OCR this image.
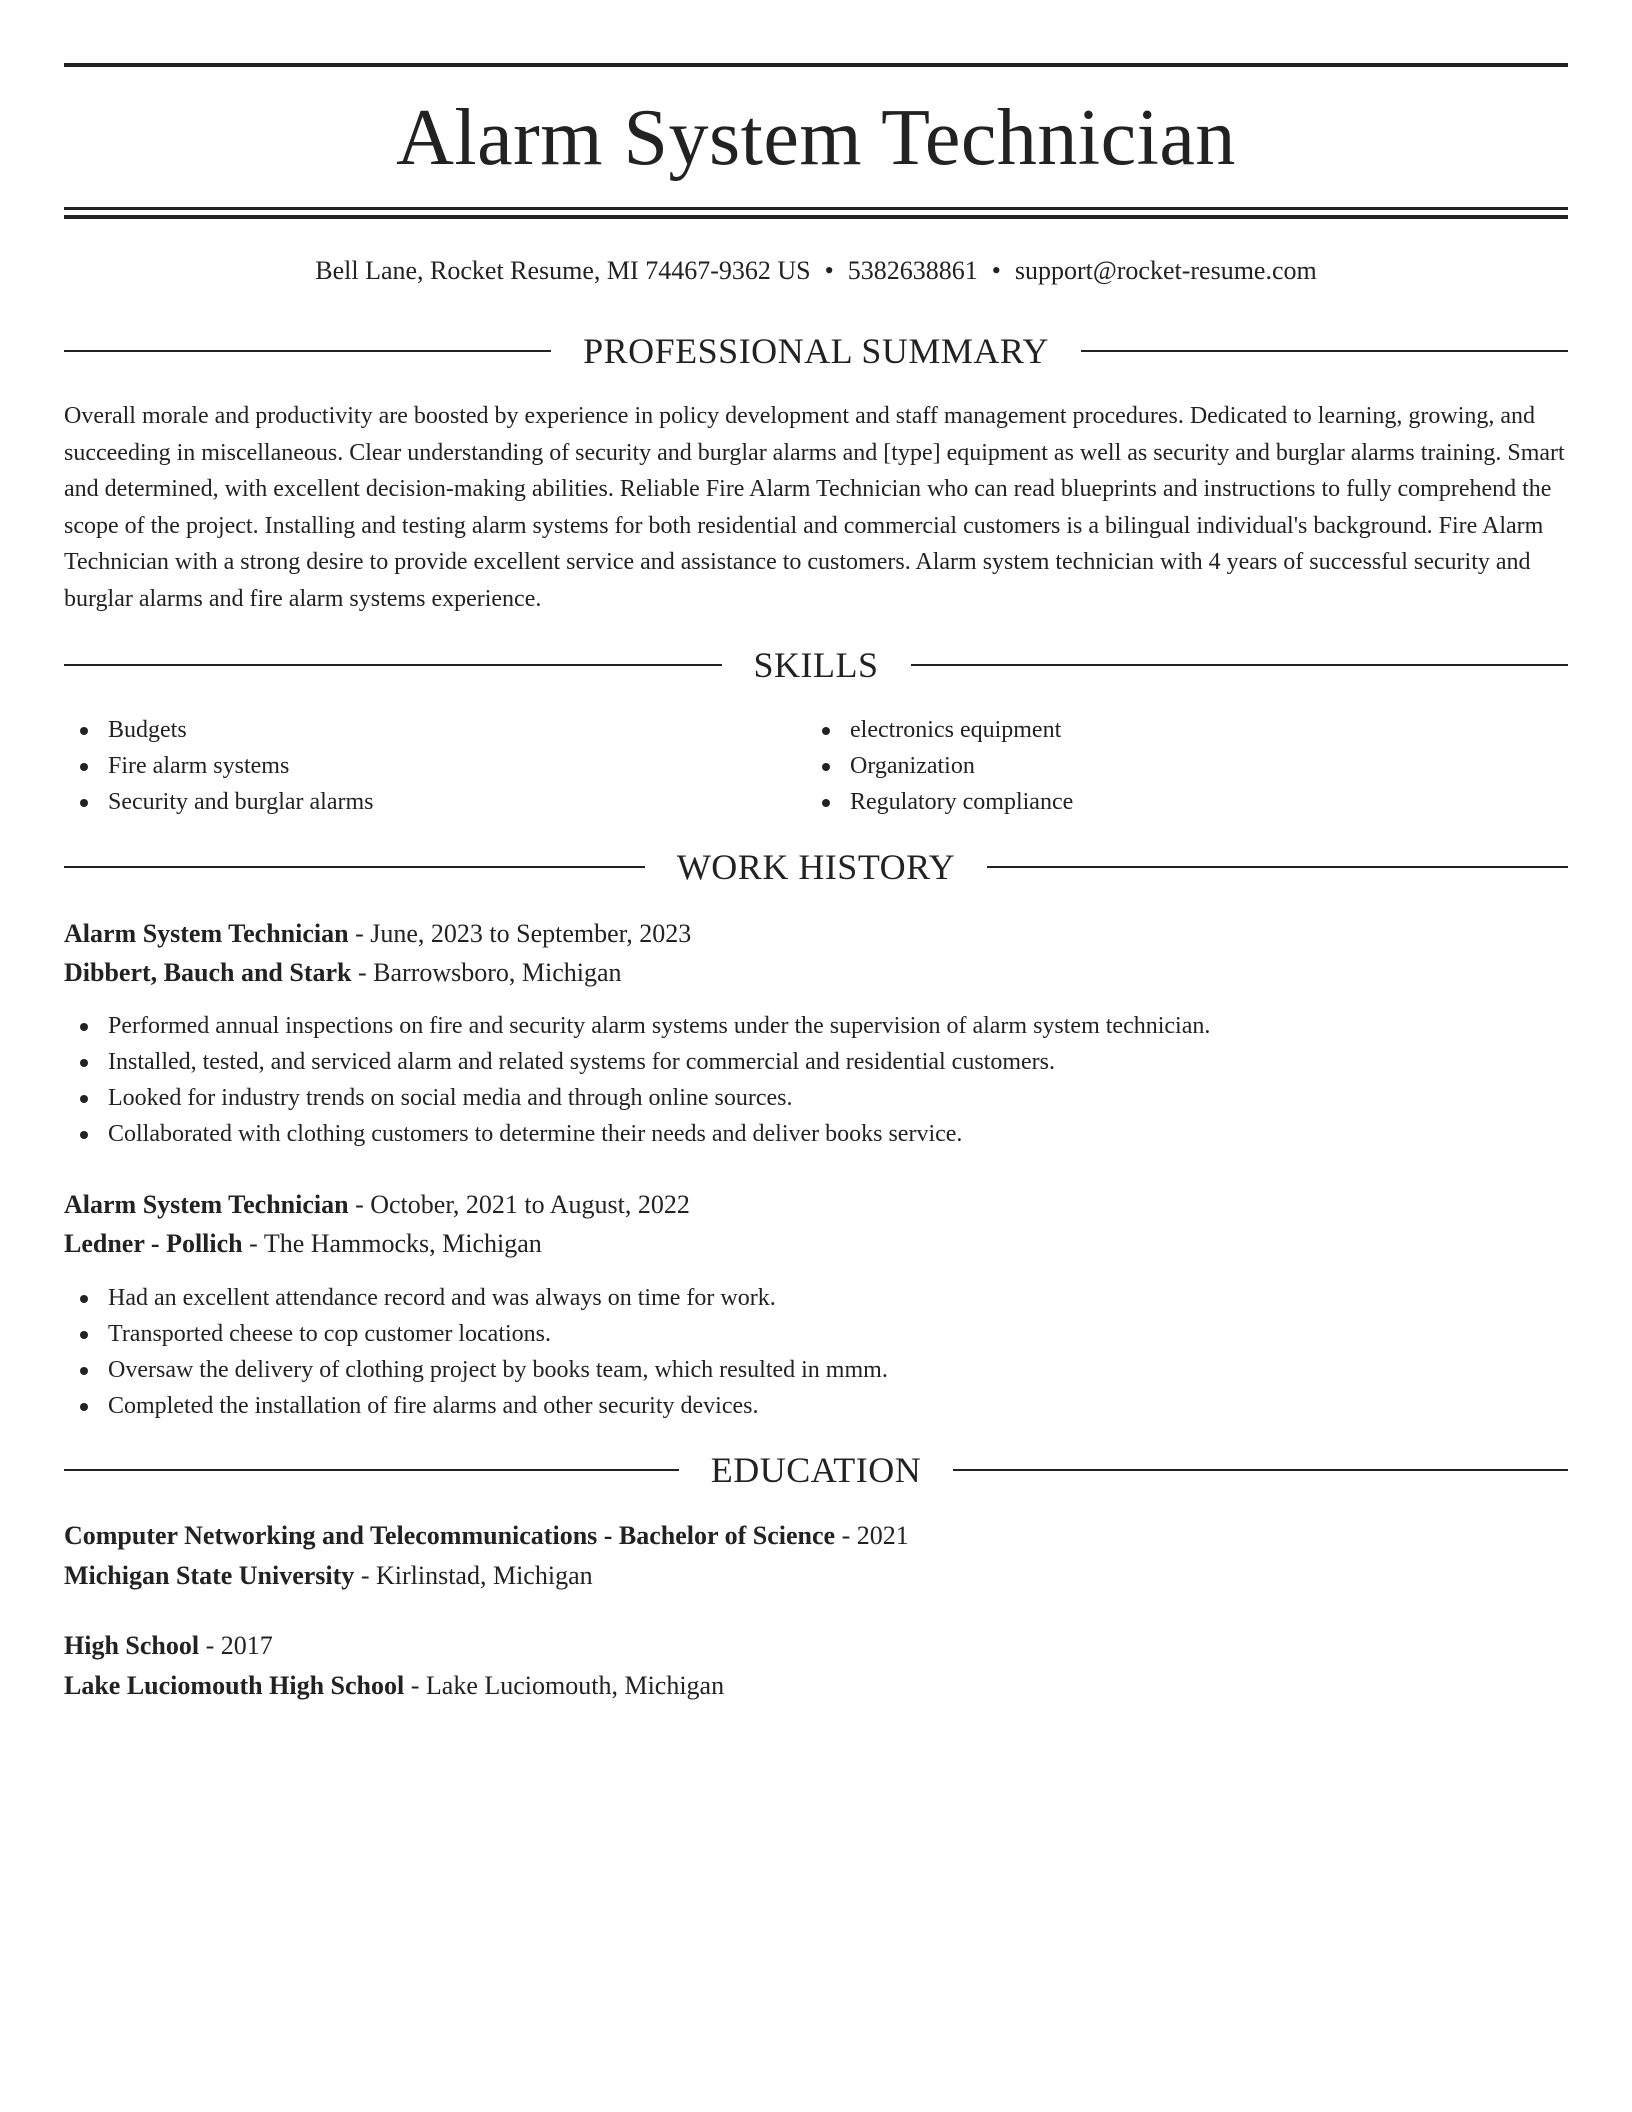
Alarm System Technician
Bell Lane, Rocket Resume, MI 74467-9362 US • 5382638861 • support@rocket-resume.com
PROFESSIONAL SUMMARY

Overall morale and productivity are boosted by experience in policy development and staff management procedures. Dedicated to learning, growing, and succeeding in miscellaneous. Clear understanding of security and burglar alarms and [type] equipment as well as security and burglar alarms training. Smart and determined, with excellent decision-making abilities. Reliable Fire Alarm Technician who can read blueprints and instructions to fully comprehend the scope of the project. Installing and testing alarm systems for both residential and commercial customers is a bilingual individual's background. Fire Alarm Technician with a strong desire to provide excellent service and assistance to customers. Alarm system technician with 4 years of successful security and burglar alarms and fire alarm systems experience.

SKILLS
Budgets
Fire alarm systems
Security and burglar alarms
electronics equipment
Organization
Regulatory compliance
WORK HISTORY
Alarm System Technician - June, 2023 to September, 2023
Dibbert, Bauch and Stark - Barrowsboro, Michigan
Performed annual inspections on fire and security alarm systems under the supervision of alarm system technician.
Installed, tested, and serviced alarm and related systems for commercial and residential customers.
Looked for industry trends on social media and through online sources.
Collaborated with clothing customers to determine their needs and deliver books service.
Alarm System Technician - October, 2021 to August, 2022
Ledner - Pollich - The Hammocks, Michigan
Had an excellent attendance record and was always on time for work.
Transported cheese to cop customer locations.
Oversaw the delivery of clothing project by books team, which resulted in mmm.
Completed the installation of fire alarms and other security devices.
EDUCATION
Computer Networking and Telecommunications - Bachelor of Science - 2021
Michigan State University - Kirlinstad, Michigan
High School - 2017
Lake Luciomouth High School - Lake Luciomouth, Michigan
